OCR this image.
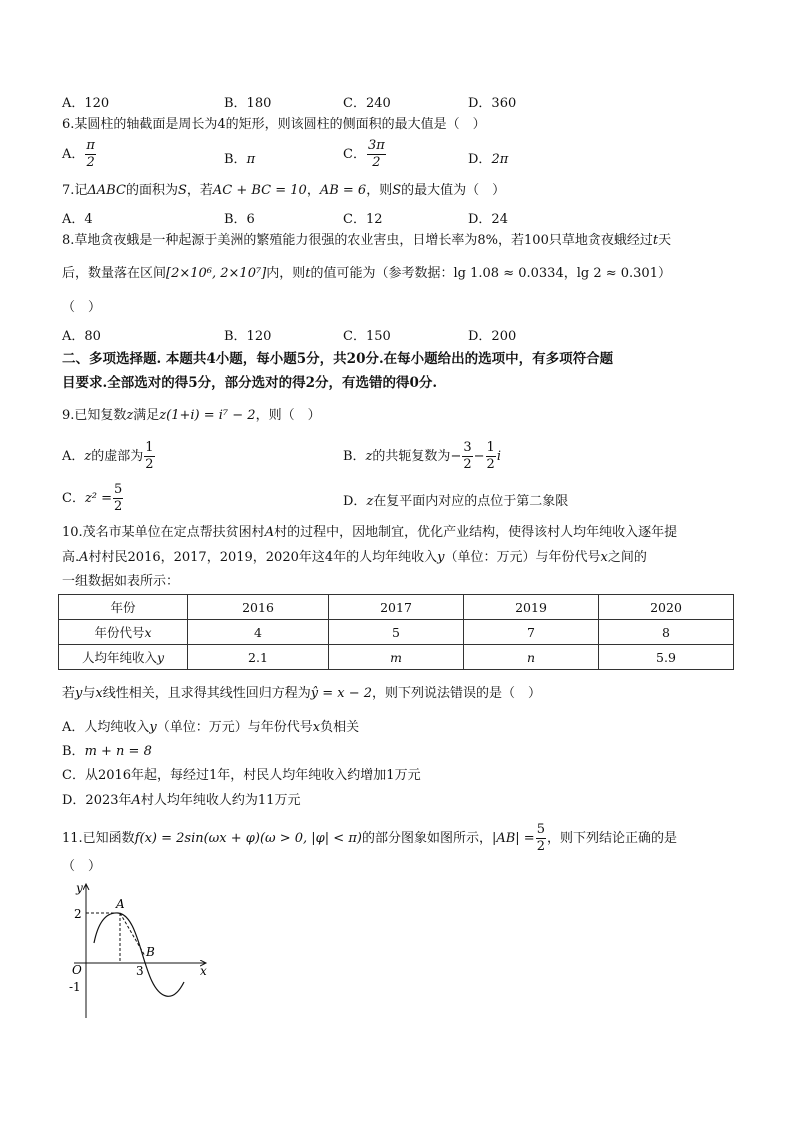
A．120	B．180	C．240	D．360
6.某圆柱的轴截面是周长为4的矩形，则该圆柱的侧面积的最大值是（　）
A． $\frac{\pi}{2}$	B．π	C． $\frac{3\pi}{2}$	D．2π
7.记ΔABC的面积为S，若AC + BC = 10，AB = 6，则S的最大值为（　）
A．4	B．6	C．12	D．24
8.草地贪夜蛾是一种起源于美洲的繁殖能力很强的农业害虫，日增长率为8%，若100只草地贪夜蛾经过t天
后，数量落在区间[2×10⁶, 2×10⁷]内，则t的值可能为（参考数据：lg 1.08 ≈ 0.0334，lg 2 ≈ 0.301）
（　）
A．80	B．120	C．150	D．200
二、多项选择题. 本题共4小题，每小题5分，共20分.在每小题给出的选项中，有多项符合题
目要求.全部选对的得5分，部分选对的得2分，有选错的得0分.
9.已知复数z满足z(1+i) = i⁷ − 2，则（　）
A．z的虚部为 $\frac{1}{2}$	B．z的共轭复数为− $\frac{3}{2} - \frac{1}{2}$ i
C．$z^2 = \frac{5}{2}$	D．z在复平面内对应的点位于第二象限
10.茂名市某单位在定点帮扶贫困村A村的过程中，因地制宜，优化产业结构，使得该村人均年纯收入逐年提
高.A村村民2016，2017，2019，2020年这4年的人均年纯收入y（单位：万元）与年份代号x之间的
一组数据如表所示：
年份	2016	2017	2019	2020
年份代号x	4	5	7	8
人均年纯收入y	2.1	m	n	5.9
若y与x线性相关，且求得其线性回归方程为ŷ = x − 2，则下列说法错误的是（　）
A．人均纯收入y（单位：万元）与年份代号x负相关
B．m + n = 8
C．从2016年起，每经过1年，村民人均年纯收入约增加1万元
D．2023年A村人均年纯收人约为11万元
11.已知函数f(x) = 2sin(ωx + φ)(ω > 0, |φ| < π)的部分图象如图所示，$|AB| = \frac{5}{2}$ ，则下列结论正确的是
（　）
y
x
O
2
-1
3
A
B
